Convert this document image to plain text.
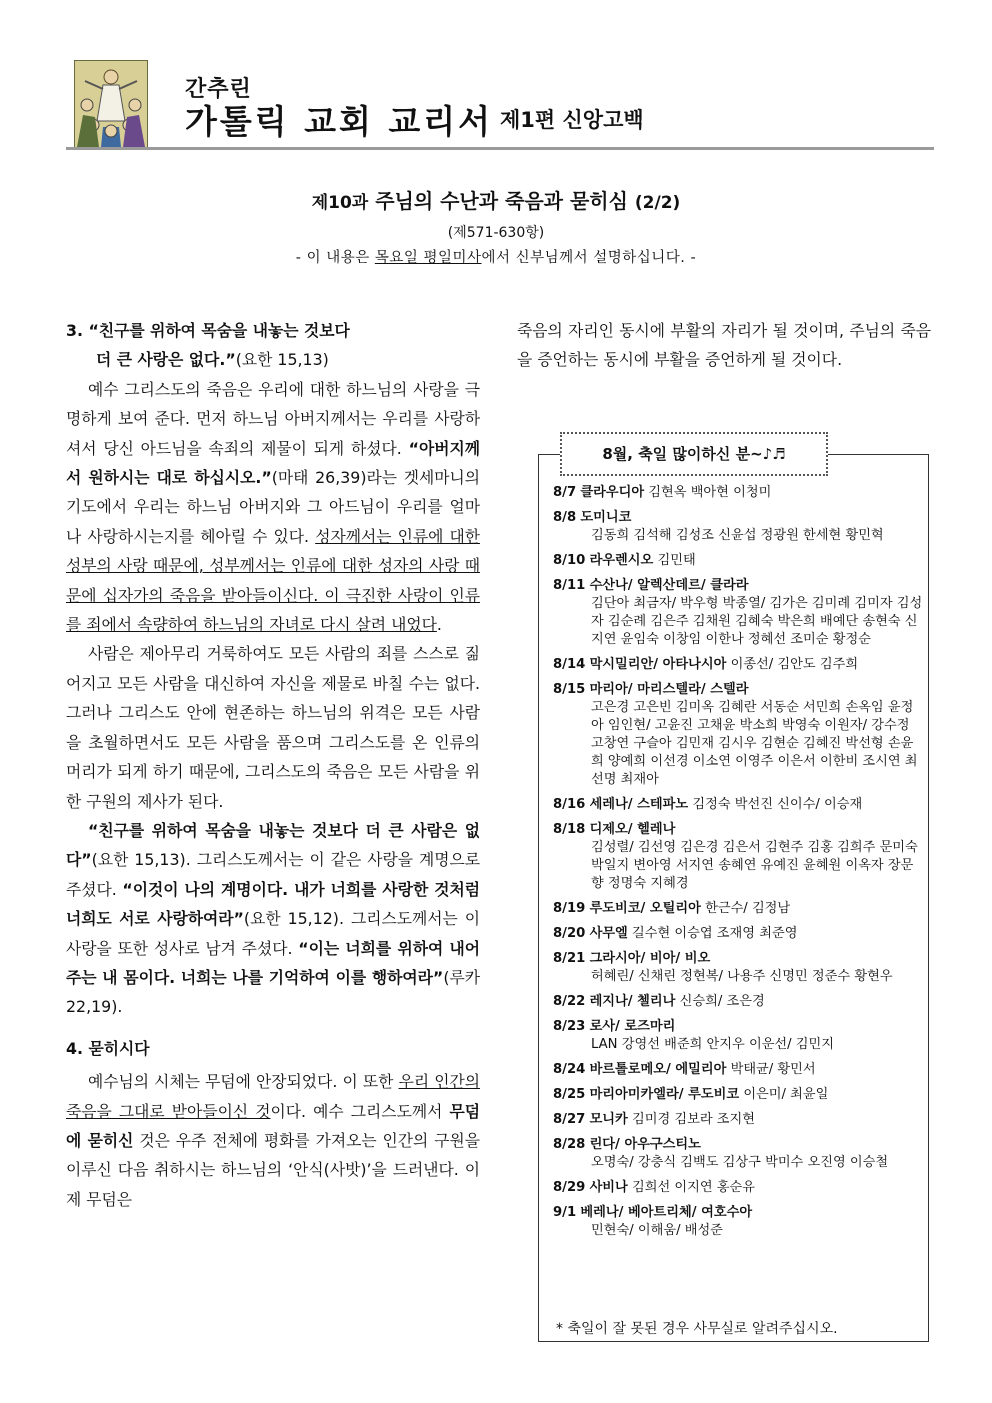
간추린
가톨릭 교회 교리서 제1편 신앙고백
제10과 주님의 수난과 죽음과 묻히심 (2/2)
(제571-630항)
- 이 내용은 목요일 평일미사에서 신부님께서 설명하십니다. -

3. “친구를 위하여 목숨을 내놓는 것보다

더 큰 사랑은 없다.”(요한 15,13)

예수 그리스도의 죽음은 우리에 대한 하느님의 사랑을 극명하게 보여 준다. 먼저 하느님 아버지께서는 우리를 사랑하셔서 당신 아드님을 속죄의 제물이 되게 하셨다. “아버지께서 원하시는 대로 하십시오.”(마태 26,39)라는 겟세마니의 기도에서 우리는 하느님 아버지와 그 아드님이 우리를 얼마나 사랑하시는지를 헤아릴 수 있다. 성자께서는 인류에 대한 성부의 사랑 때문에, 성부께서는 인류에 대한 성자의 사랑 때문에 십자가의 죽음을 받아들이신다. 이 극진한 사랑이 인류를 죄에서 속량하여 하느님의 자녀로 다시 살려 내었다.

사람은 제아무리 거룩하여도 모든 사람의 죄를 스스로 짊어지고 모든 사람을 대신하여 자신을 제물로 바칠 수는 없다. 그러나 그리스도 안에 현존하는 하느님의 위격은 모든 사람을 초월하면서도 모든 사람을 품으며 그리스도를 온 인류의 머리가 되게 하기 때문에, 그리스도의 죽음은 모든 사람을 위한 구원의 제사가 된다.

“친구를 위하여 목숨을 내놓는 것보다 더 큰 사람은 없다”(요한 15,13). 그리스도께서는 이 같은 사랑을 계명으로 주셨다. “이것이 나의 계명이다. 내가 너희를 사랑한 것처럼 너희도 서로 사랑하여라”(요한 15,12). 그리스도께서는 이 사랑을 또한 성사로 남겨 주셨다. “이는 너희를 위하여 내어 주는 내 몸이다. 너희는 나를 기억하여 이를 행하여라”(루카 22,19).

4. 묻히시다

예수님의 시체는 무덤에 안장되었다. 이 또한 우리 인간의 죽음을 그대로 받아들이신 것이다. 예수 그리스도께서 무덤에 묻히신 것은 우주 전체에 평화를 가져오는 인간의 구원을 이루신 다음 취하시는 하느님의 ‘안식(사밧)’을 드러낸다. 이제 무덤은

죽음의 자리인 동시에 부활의 자리가 될 것이며, 주님의 죽음을 증언하는 동시에 부활을 증언하게 될 것이다.

8월, 축일 많이하신 분~♪♬
8/7 클라우디아 김현옥 백아현 이청미
8/8 도미니코
김동희 김석해 김성조 신윤섭 정광원 한세현 황민혁
8/10 라우렌시오 김민태
8/11 수산나/ 알렉산데르/ 클라라
김단아 최금자/ 박우형 박종열/ 김가은 김미례 김미자 김성자 김순례 김은주 김채원 김혜숙 박은희 배예단 송현숙 신지연 윤임숙 이창임 이한나 정혜선 조미순 황정순
8/14 막시밀리안/ 아타나시아 이종선/ 김안도 김주희
8/15 마리아/ 마리스텔라/ 스텔라
고은경 고은빈 김미옥 김혜란 서동순 서민희 손옥임 윤정아 임인현/ 고윤진 고채윤 박소희 박영숙 이원자/ 강수정 고창연 구슬아 김민재 김시우 김현순 김혜진 박선형 손윤희 양예희 이선경 이소연 이영주 이은서 이한비 조시연 최선명 최재아
8/16 세레나/ 스테파노 김정숙 박선진 신이수/ 이승재
8/18 디제오/ 헬레나
김성렬/ 김선영 김은경 김은서 김현주 김홍 김희주 문미숙 박일지 변아영 서지연 송혜연 유예진 윤혜원 이옥자 장문향 정명숙 지혜경
8/19 루도비코/ 오틸리아 한근수/ 김정남
8/20 사무엘 길수현 이승엽 조재영 최준영
8/21 그라시아/ 비아/ 비오
허혜린/ 신채린 정현복/ 나용주 신명민 정준수 황현우
8/22 레지나/ 첼리나 신승희/ 조은경
8/23 로사/ 로즈마리
LAN 강영선 배준희 안지우 이운선/ 김민지
8/24 바르톨로메오/ 에밀리아 박태균/ 황민서
8/25 마리아미카엘라/ 루도비코 이은미/ 최윤일
8/27 모니카 김미경 김보라 조지현
8/28 린다/ 아우구스티노
오명숙/ 강충식 김백도 김상구 박미수 오진영 이승철
8/29 사비나 김희선 이지연 홍순유
9/1 베레나/ 베아트리체/ 여호수아
민현숙/ 이해움/ 배성준
* 축일이 잘 못된 경우 사무실로 알려주십시오.
